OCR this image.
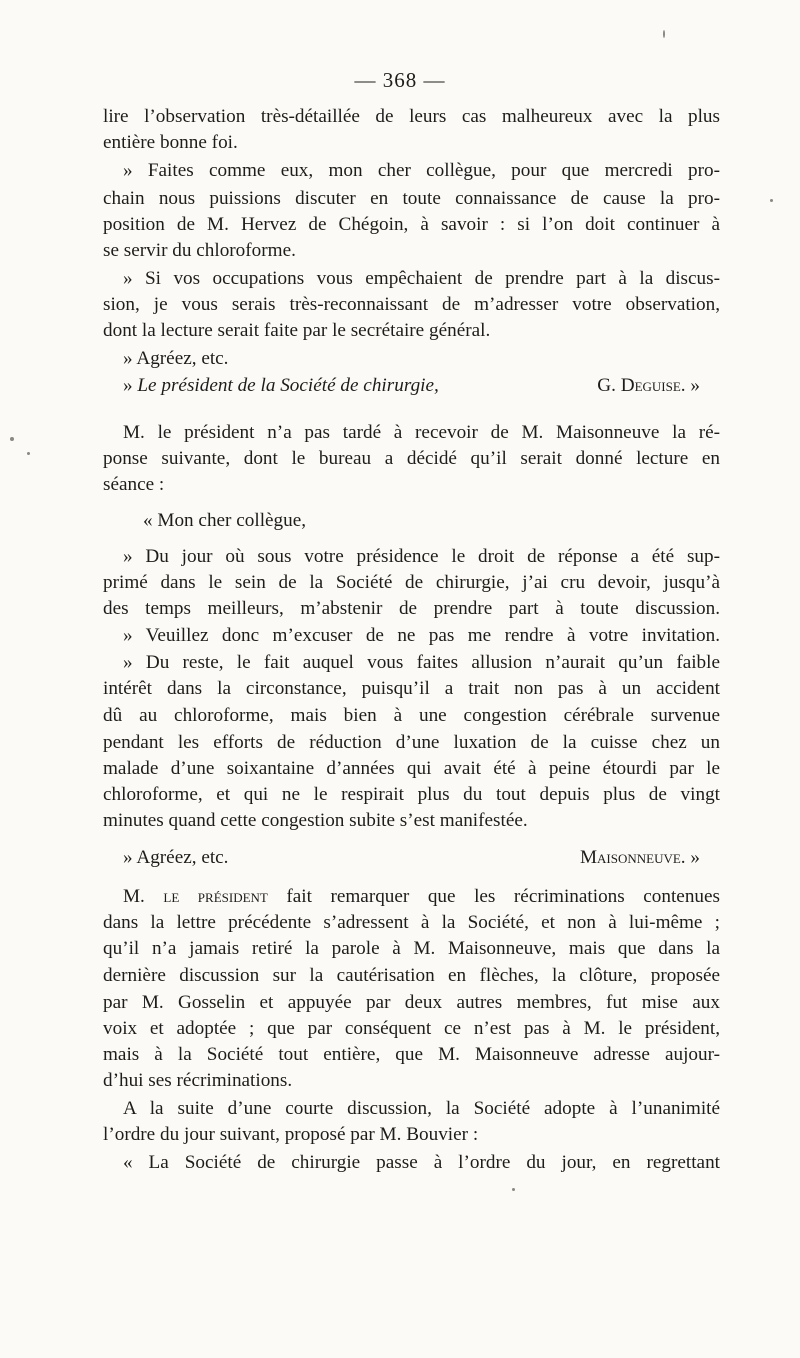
— 368 —
lire l’observation très-détaillée de leurs cas malheureux avec la plus
entière bonne foi.
» Faites comme eux, mon cher collègue, pour que mercredi pro-
chain nous puissions discuter en toute connaissance de cause la pro-
position de M. Hervez de Chégoin, à savoir : si l’on doit continuer à
se servir du chloroforme.
» Si vos occupations vous empêchaient de prendre part à la discus-
sion, je vous serais très-reconnaissant de m’adresser votre observation,
dont la lecture serait faite par le secrétaire général.
» Agréez, etc.
» Le président de la Société de chirurgie,	G. Deguise. »
M. le président n’a pas tardé à recevoir de M. Maisonneuve la ré-
ponse suivante, dont le bureau a décidé qu’il serait donné lecture en
séance :
« Mon cher collègue,
» Du jour où sous votre présidence le droit de réponse a été sup-
primé dans le sein de la Société de chirurgie, j’ai cru devoir, jusqu’à
des temps meilleurs, m’abstenir de prendre part à toute discussion.
» Veuillez donc m’excuser de ne pas me rendre à votre invitation.
» Du reste, le fait auquel vous faites allusion n’aurait qu’un faible
intérêt dans la circonstance, puisqu’il a trait non pas à un accident
dû au chloroforme, mais bien à une congestion cérébrale survenue
pendant les efforts de réduction d’une luxation de la cuisse chez un
malade d’une soixantaine d’années qui avait été à peine étourdi par le
chloroforme, et qui ne le respirait plus du tout depuis plus de vingt
minutes quand cette congestion subite s’est manifestée.
» Agréez, etc.	Maisonneuve. »
M. le président fait remarquer que les récriminations contenues
dans la lettre précédente s’adressent à la Société, et non à lui-même ;
qu’il n’a jamais retiré la parole à M. Maisonneuve, mais que dans la
dernière discussion sur la cautérisation en flèches, la clôture, proposée
par M. Gosselin et appuyée par deux autres membres, fut mise aux
voix et adoptée ; que par conséquent ce n’est pas à M. le président,
mais à la Société tout entière, que M. Maisonneuve adresse aujour-
d’hui ses récriminations.
A la suite d’une courte discussion, la Société adopte à l’unanimité
l’ordre du jour suivant, proposé par M. Bouvier :
« La Société de chirurgie passe à l’ordre du jour, en regrettant
